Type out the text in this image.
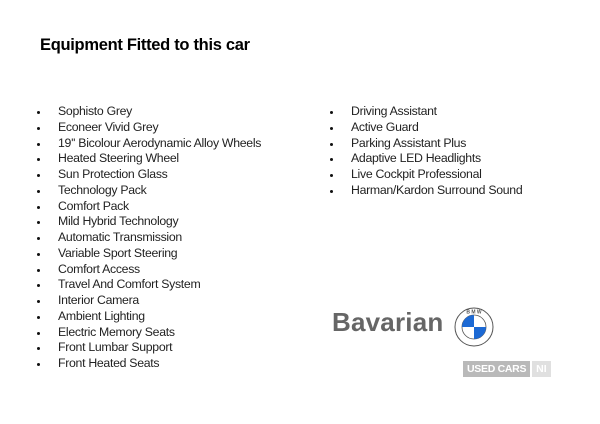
Equipment Fitted to this car
Sophisto Grey
Econeer Vivid Grey
19'' Bicolour Aerodynamic Alloy Wheels
Heated Steering Wheel
Sun Protection Glass
Technology Pack
Comfort Pack
Mild Hybrid Technology
Automatic Transmission
Variable Sport Steering
Comfort Access
Travel And Comfort System
Interior Camera
Ambient Lighting
Electric Memory Seats
Front Lumbar Support
Front Heated Seats
Driving Assistant
Active Guard
Parking Assistant Plus
Adaptive LED Headlights
Live Cockpit Professional
Harman/Kardon Surround Sound
Bavarian	B M W
USED CARS NI
